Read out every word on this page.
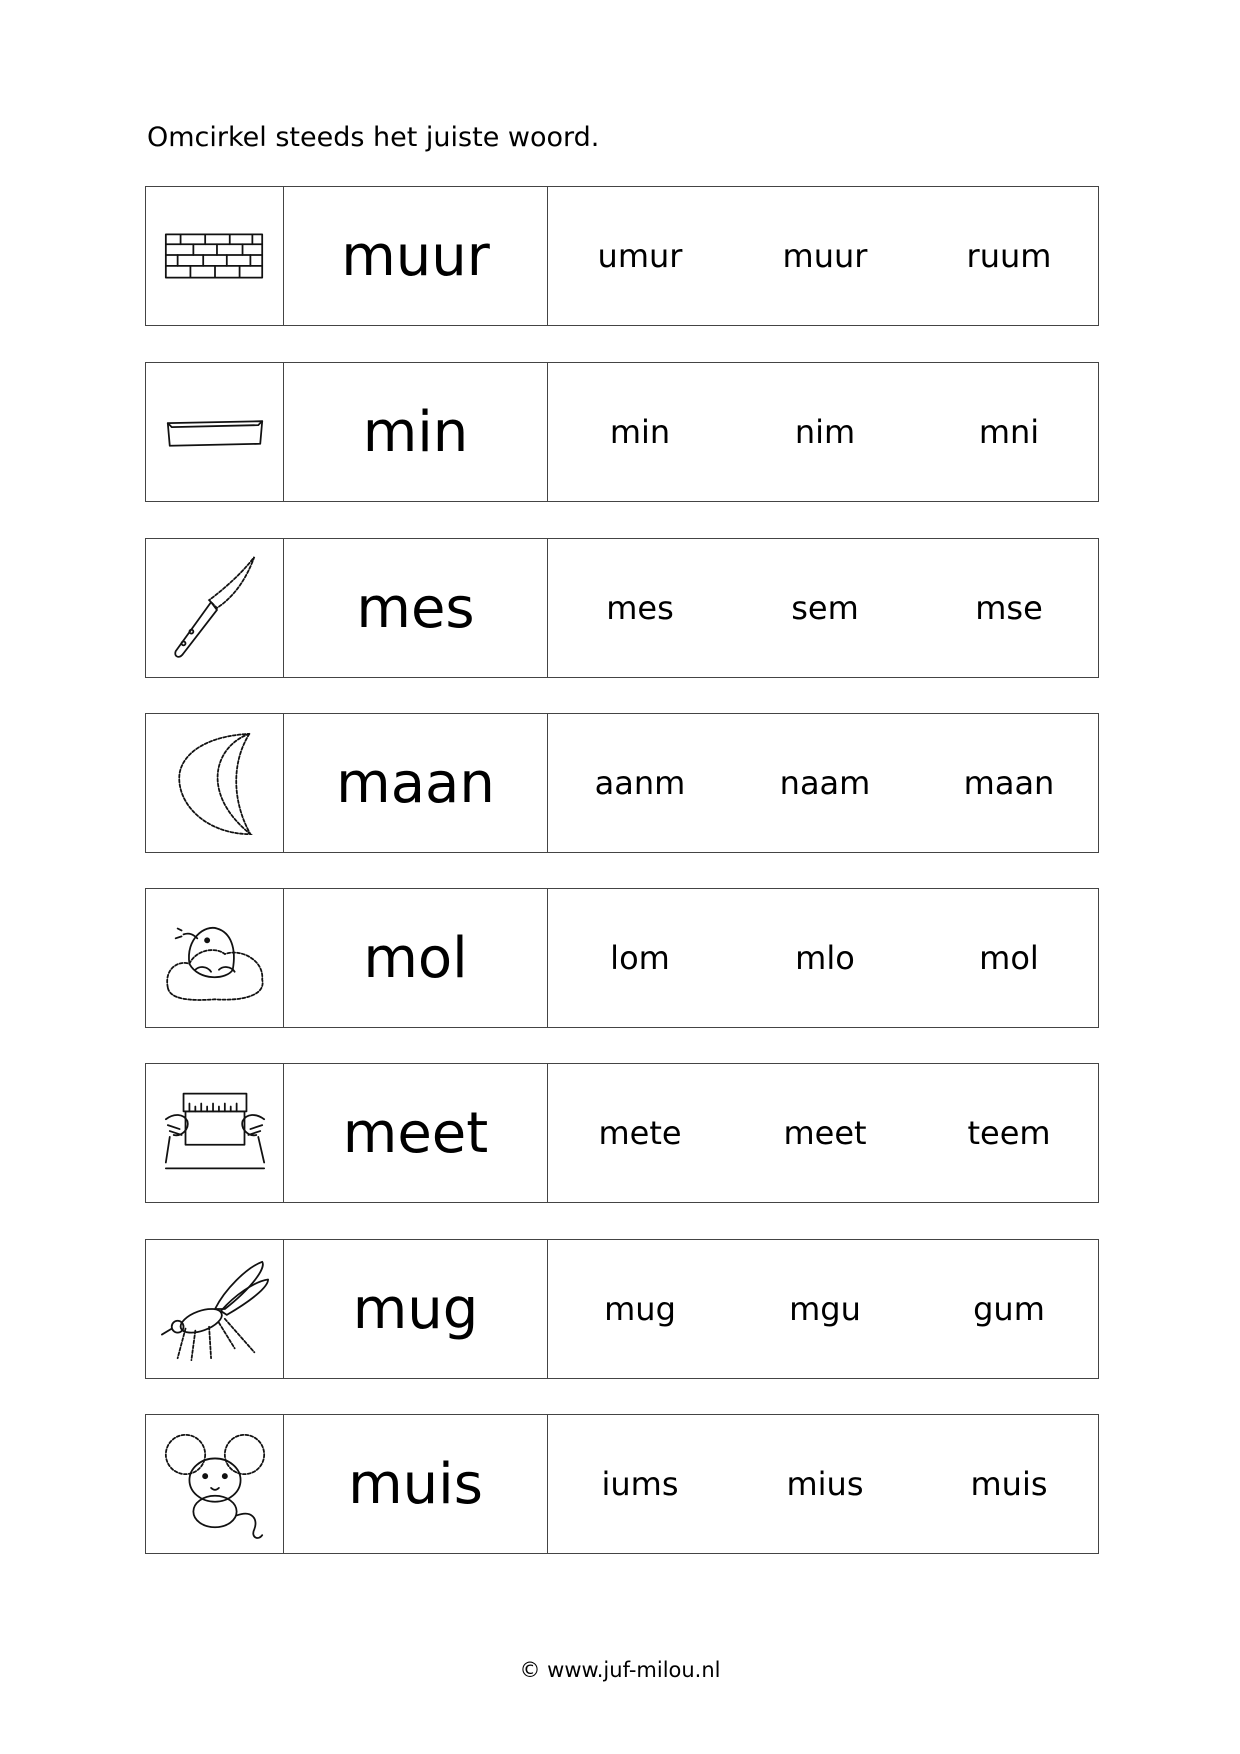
Omcirkel steeds het juiste woord.
muur	umur	muur	ruum
min	min	nim	mni
mes	mes	sem	mse
maan	aanm	naam	maan
mol	lom	mlo	mol
meet	mete	meet	teem
mug	mug	mgu	gum
muis	iums	mius	muis
© www.juf-milou.nl
